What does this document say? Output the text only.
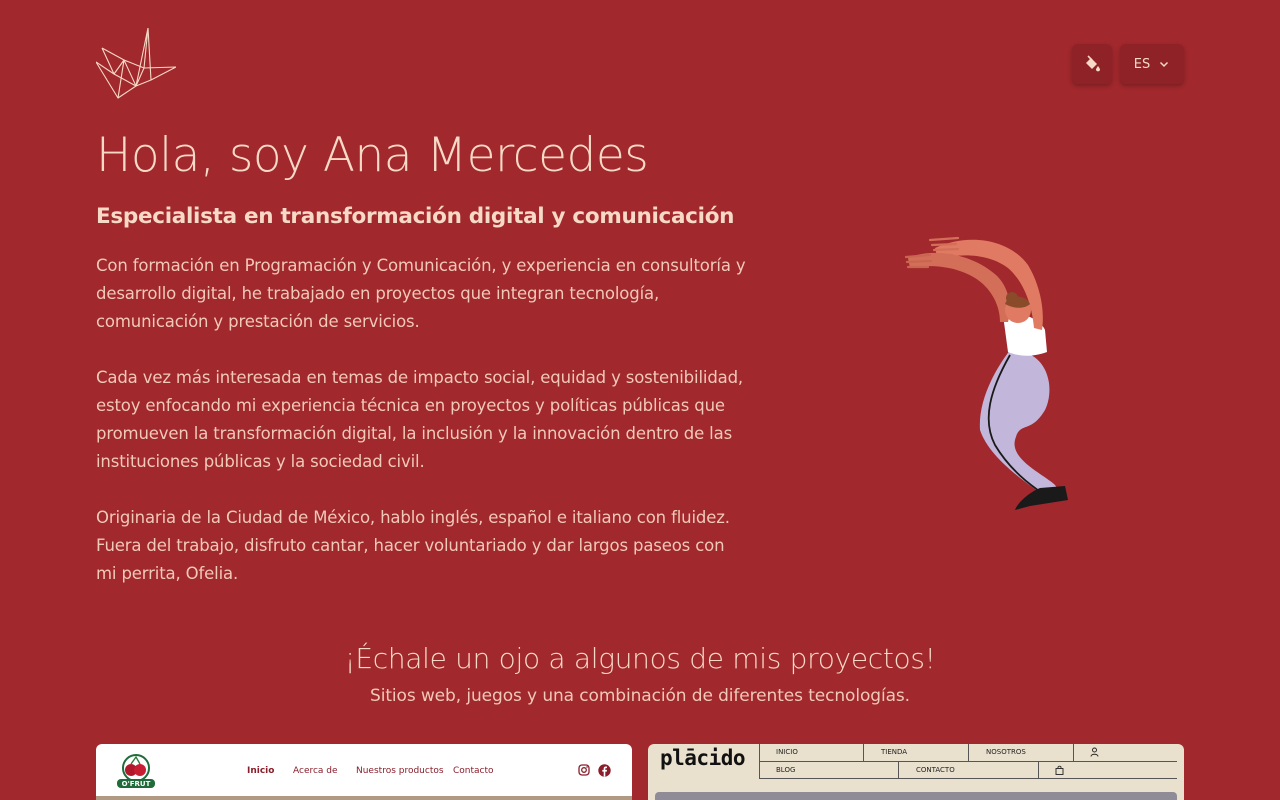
ES
Hola, soy Ana Mercedes
Especialista en transformación digital y comunicación

Con formación en Programación y Comunicación, y experiencia en consultoría y desarrollo digital, he trabajado en proyectos que integran tecnología, comunicación y prestación de servicios.

Cada vez más interesada en temas de impacto social, equidad y sostenibilidad, estoy enfocando mi experiencia técnica en proyectos y políticas públicas que promueven la transformación digital, la inclusión y la innovación dentro de las instituciones públicas y la sociedad civil.

Originaria de la Ciudad de México, hablo inglés, español e italiano con fluidez. Fuera del trabajo, disfruto cantar, hacer voluntariado y dar largos paseos con mi perrita, Ofelia.

¡Échale un ojo a algunos de mis proyectos!
Sitios web, juegos y una combinación de diferentes tecnologías.
O'FRUT
Inicio Acerca de Nuestros productos Contacto
plācido	INICIO	TIENDA	NOSOTROS
BLOG	CONTACTO
